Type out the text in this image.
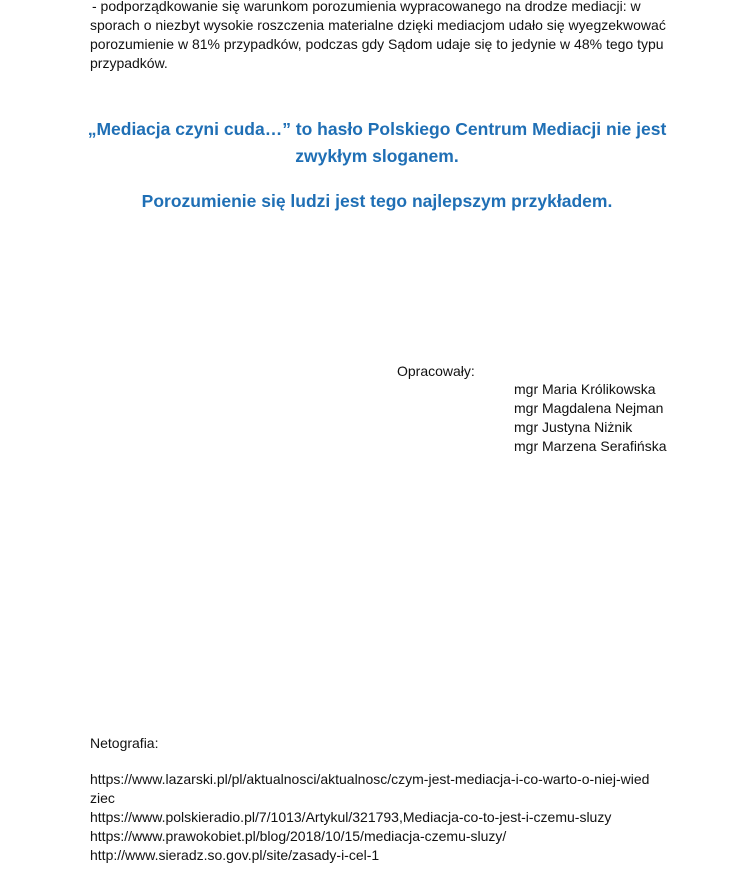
- podporządkowanie się warunkom porozumienia wypracowanego na drodze mediacji: w sporach o niezbyt wysokie roszczenia materialne dzięki mediacjom udało się wyegzekwować porozumienie w 81% przypadków, podczas gdy Sądom udaje się to jedynie w 48% tego typu przypadków.

„Mediacja czyni cuda…” to hasło Polskiego Centrum Mediacji nie jest zwykłym sloganem.

Porozumienie się ludzi jest tego najlepszym przykładem.

Opracowały:

mgr Maria Królikowska
mgr Magdalena Nejman
mgr Justyna Niżnik
mgr Marzena Serafińska

Netografia:

https://www.lazarski.pl/pl/aktualnosci/aktualnosc/czym-jest-mediacja-i-co-warto-o-niej-wiedziec
https://www.polskieradio.pl/7/1013/Artykul/321793,Mediacja-co-to-jest-i-czemu-sluzy
https://www.prawokobiet.pl/blog/2018/10/15/mediacja-czemu-sluzy/
http://www.sieradz.so.gov.pl/site/zasady-i-cel-1
